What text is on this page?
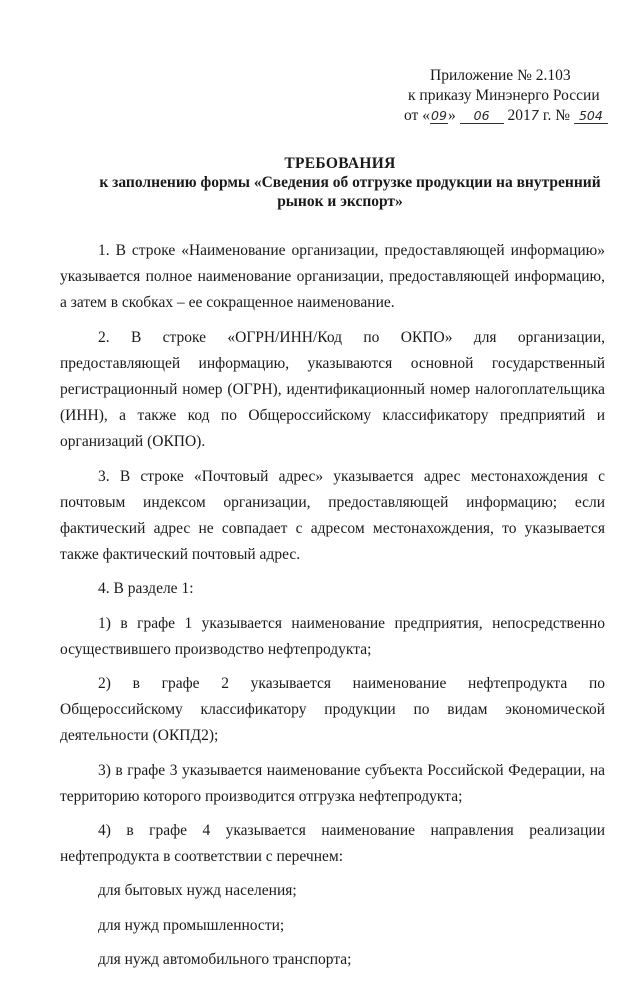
Приложение № 2.103
к приказу Минэнерго России
от «09» 06 2017 г. № 504
ТРЕБОВАНИЯ
к заполнению формы «Сведения об отгрузке продукции на внутренний
рынок и экспорт»

1. В строке «Наименование организации, предоставляющей информацию» указывается полное наименование организации, предоставляющей информацию, а затем в скобках – ее сокращенное наименование.

2. В строке «ОГРН/ИНН/Код по ОКПО» для организации, предоставляющей информацию, указываются основной государственный регистрационный номер (ОГРН), идентификационный номер налогоплательщика (ИНН), а также код по Общероссийскому классификатору предприятий и организаций (ОКПО).

3. В строке «Почтовый адрес» указывается адрес местонахождения с почтовым индексом организации, предоставляющей информацию; если фактический адрес не совпадает с адресом местонахождения, то указывается также фактический почтовый адрес.

4. В разделе 1:

1) в графе 1 указывается наименование предприятия, непосредственно осуществившего производство нефтепродукта;

2) в графе 2 указывается наименование нефтепродукта по Общероссийскому классификатору продукции по видам экономической деятельности (ОКПД2);

3) в графе 3 указывается наименование субъекта Российской Федерации, на территорию которого производится отгрузка нефтепродукта;

4) в графе 4 указывается наименование направления реализации нефтепродукта в соответствии с перечнем:

для бытовых нужд населения;
для нужд промышленности;
для нужд автомобильного транспорта;
